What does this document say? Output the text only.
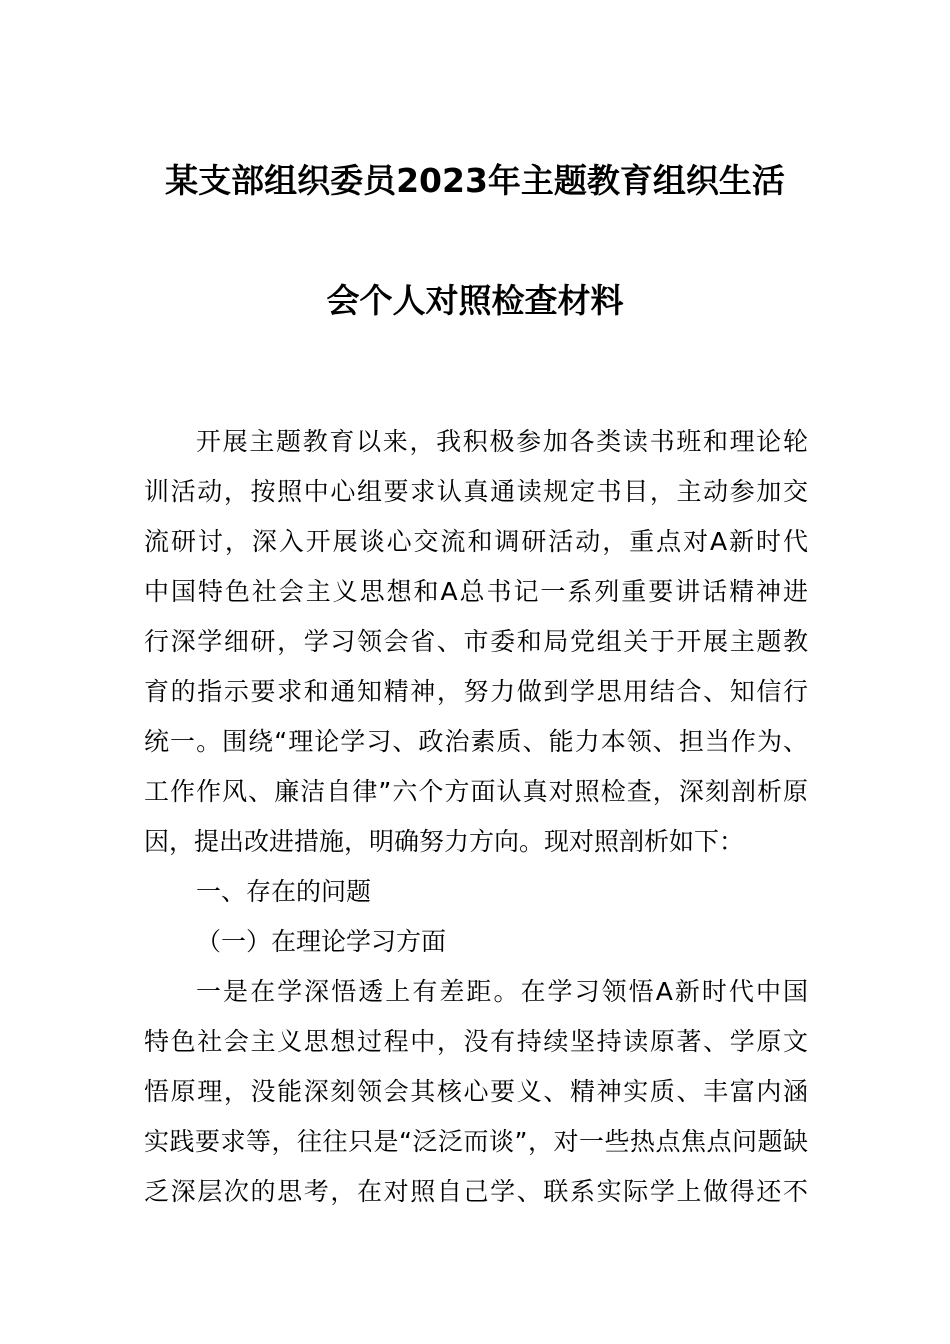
某支部组织委员2023年主题教育组织生活
会个人对照检查材料
开展主题教育以来，我积极参加各类读书班和理论轮
训活动，按照中心组要求认真通读规定书目，主动参加交
流研讨，深入开展谈心交流和调研活动，重点对A新时代
中国特色社会主义思想和A总书记一系列重要讲话精神进
行深学细研，学习领会省、市委和局党组关于开展主题教
育的指示要求和通知精神，努力做到学思用结合、知信行
统一。围绕“理论学习、政治素质、能力本领、担当作为、
工作作风、廉洁自律”六个方面认真对照检查，深刻剖析原
因，提出改进措施，明确努力方向。现对照剖析如下：
一、存在的问题
（一）在理论学习方面
一是在学深悟透上有差距。在学习领悟A新时代中国
特色社会主义思想过程中，没有持续坚持读原著、学原文
悟原理，没能深刻领会其核心要义、精神实质、丰富内涵
实践要求等，往往只是“泛泛而谈”，对一些热点焦点问题缺
乏深层次的思考，在对照自己学、联系实际学上做得还不
